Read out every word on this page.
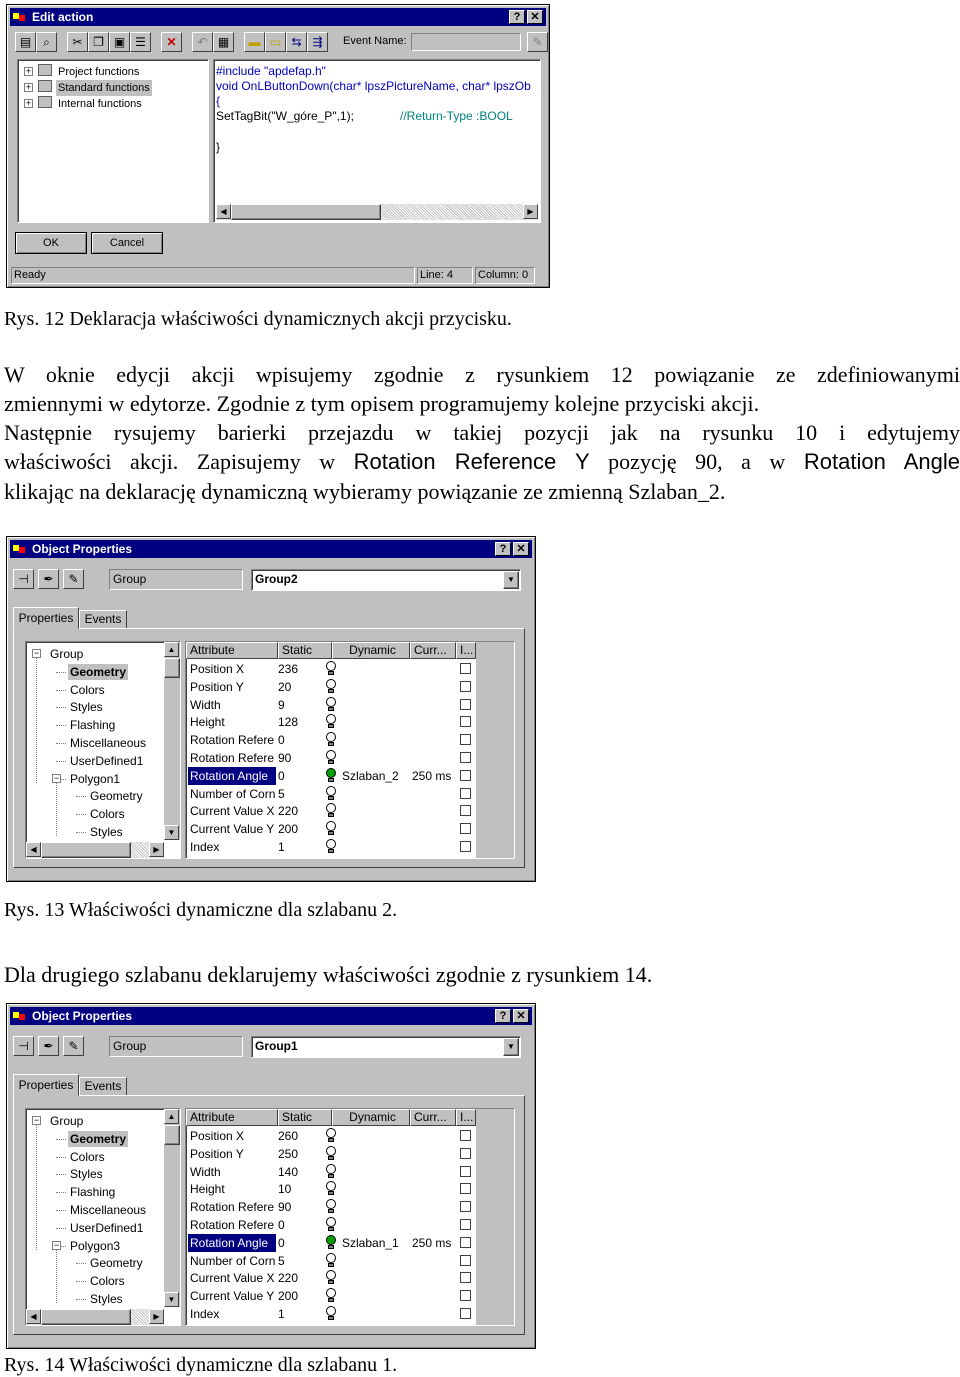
Edit action	? ✕
▤ ⌕	✂ ❐ ▣ ☰	✕	↶ ▦	▬ ▭ ⇆ ⇶	Event Name:	✎
+ Project functions
+ Standard functions
+ Internal functions
#include "apdefap.h"
void OnLButtonDown(char* lpszPictureName, char* lpszOb
{
SetTagBit("W_góre_P",1);	//Return-Type :BOOL
}
◀	▶
OK	Cancel
Ready	Line: 4	Column: 0
Rys. 12 Deklaracja właściwości dynamicznych akcji przycisku.
W oknie edycji akcji wpisujemy zgodnie z rysunkiem 12 powiązanie ze zdefiniowanymi
zmiennymi w edytorze. Zgodnie z tym opisem programujemy kolejne przyciski akcji.
Następnie rysujemy barierki przejazdu w takiej pozycji jak na rysunku 10 i edytujemy
właściwości akcji. Zapisujemy w Rotation Reference Y pozycję 90, a w Rotation Angle
klikając na deklarację dynamiczną wybieramy powiązanie ze zmienną Szlaban_2.
Object Properties	? ✕
⊣	✒	✎	Group	Group2	▼
Properties Events
Group
Geometry
Colors
Styles
Flashing
Miscellaneous
UserDefined1
Polygon1
Geometry
Colors
Styles
−
−
▲
▼
◀	▶
Attribute	Static	Dynamic	Curr...	I...
Position X	236
Position Y	20
Width	9
Height	128
Rotation Refere 0
Rotation Refere 90
Rotation Angle 0	Szlaban_2	250 ms
Number of Corn 5
Current Value X 220
Current Value Y 200
Index	1
Rys. 13 Właściwości dynamiczne dla szlabanu 2.
Dla drugiego szlabanu deklarujemy właściwości zgodnie z rysunkiem 14.
Object Properties	? ✕
⊣	✒	✎	Group	Group1	▼
Properties Events
Group
Geometry
Colors
Styles
Flashing
Miscellaneous
UserDefined1
Polygon3
Geometry
Colors
Styles
−
−
▲
▼
◀	▶
Attribute	Static	Dynamic	Curr...	I...
Position X	260
Position Y	250
Width	140
Height	10
Rotation Refere 90
Rotation Refere 0
Rotation Angle 0	Szlaban_1	250 ms
Number of Corn 5
Current Value X 220
Current Value Y 200
Index	1
Rys. 14 Właściwości dynamiczne dla szlabanu 1.
